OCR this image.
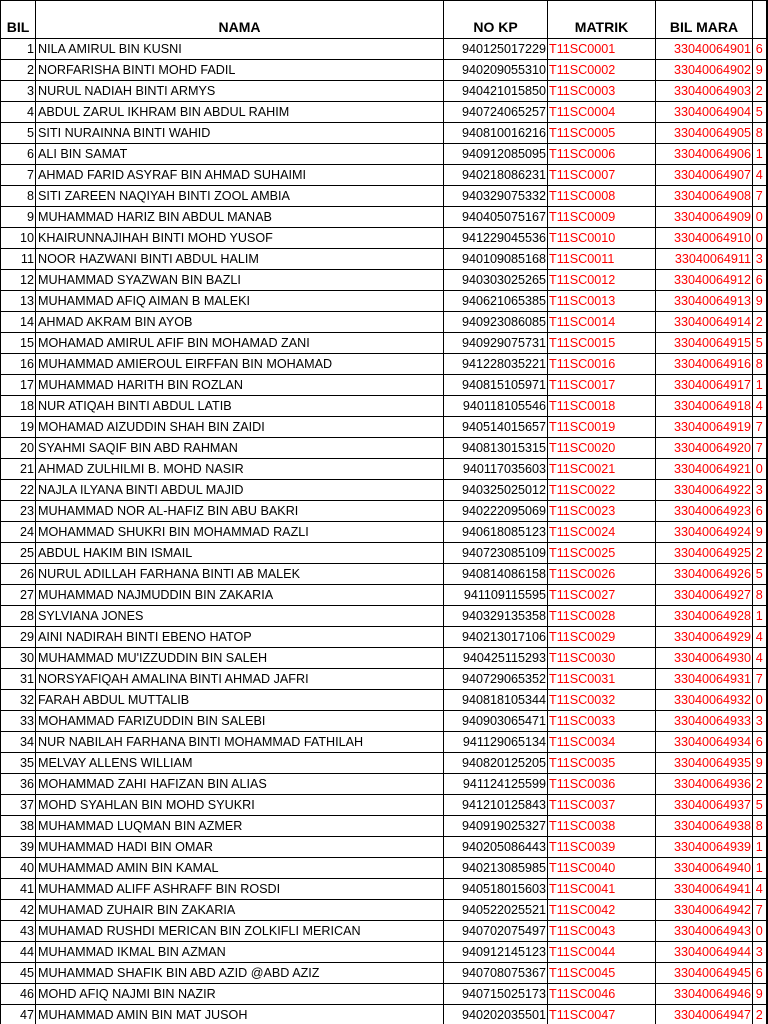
BIL	NAMA	NO KP	MATRIK	BIL MARA	
1	NILA AMIRUL BIN KUSNI	940125017229	T11SC0001	33040064901	6
2	NORFARISHA BINTI MOHD FADIL	940209055310	T11SC0002	33040064902	9
3	NURUL NADIAH BINTI ARMYS	940421015850	T11SC0003	33040064903	2
4	ABDUL ZARUL IKHRAM BIN ABDUL RAHIM	940724065257	T11SC0004	33040064904	5
5	SITI NURAINNA BINTI WAHID	940810016216	T11SC0005	33040064905	8
6	ALI BIN SAMAT	940912085095	T11SC0006	33040064906	1
7	AHMAD FARID ASYRAF BIN AHMAD SUHAIMI	940218086231	T11SC0007	33040064907	4
8	SITI ZAREEN NAQIYAH BINTI ZOOL AMBIA	940329075332	T11SC0008	33040064908	7
9	MUHAMMAD HARIZ BIN ABDUL MANAB	940405075167	T11SC0009	33040064909	0
10	KHAIRUNNAJIHAH BINTI MOHD YUSOF	941229045536	T11SC0010	33040064910	0
11	NOOR HAZWANI BINTI ABDUL HALIM	940109085168	T11SC0011	33040064911	3
12	MUHAMMAD SYAZWAN BIN BAZLI	940303025265	T11SC0012	33040064912	6
13	MUHAMMAD AFIQ AIMAN B MALEKI	940621065385	T11SC0013	33040064913	9
14	AHMAD AKRAM BIN AYOB	940923086085	T11SC0014	33040064914	2
15	MOHAMAD AMIRUL AFIF BIN MOHAMAD ZANI	940929075731	T11SC0015	33040064915	5
16	MUHAMMAD AMIEROUL EIRFFAN BIN MOHAMAD	941228035221	T11SC0016	33040064916	8
17	MUHAMMAD HARITH BIN ROZLAN	940815105971	T11SC0017	33040064917	1
18	NUR ATIQAH BINTI ABDUL LATIB	940118105546	T11SC0018	33040064918	4
19	MOHAMAD AIZUDDIN SHAH BIN ZAIDI	940514015657	T11SC0019	33040064919	7
20	SYAHMI SAQIF BIN ABD RAHMAN	940813015315	T11SC0020	33040064920	7
21	AHMAD ZULHILMI B. MOHD NASIR	940117035603	T11SC0021	33040064921	0
22	NAJLA ILYANA BINTI ABDUL MAJID	940325025012	T11SC0022	33040064922	3
23	MUHAMMAD NOR AL-HAFIZ BIN ABU BAKRI	940222095069	T11SC0023	33040064923	6
24	MOHAMMAD SHUKRI BIN MOHAMMAD RAZLI	940618085123	T11SC0024	33040064924	9
25	ABDUL HAKIM BIN ISMAIL	940723085109	T11SC0025	33040064925	2
26	NURUL ADILLAH FARHANA BINTI AB MALEK	940814086158	T11SC0026	33040064926	5
27	MUHAMMAD NAJMUDDIN BIN ZAKARIA	941109115595	T11SC0027	33040064927	8
28	SYLVIANA JONES	940329135358	T11SC0028	33040064928	1
29	AINI NADIRAH BINTI EBENO HATOP	940213017106	T11SC0029	33040064929	4
30	MUHAMMAD MU'IZZUDDIN BIN SALEH	940425115293	T11SC0030	33040064930	4
31	NORSYAFIQAH AMALINA BINTI AHMAD JAFRI	940729065352	T11SC0031	33040064931	7
32	FARAH ABDUL MUTTALIB	940818105344	T11SC0032	33040064932	0
33	MOHAMMAD FARIZUDDIN BIN SALEBI	940903065471	T11SC0033	33040064933	3
34	NUR NABILAH FARHANA BINTI MOHAMMAD FATHILAH	941129065134	T11SC0034	33040064934	6
35	MELVAY ALLENS WILLIAM	940820125205	T11SC0035	33040064935	9
36	MOHAMMAD ZAHI HAFIZAN BIN ALIAS	941124125599	T11SC0036	33040064936	2
37	MOHD SYAHLAN BIN MOHD SYUKRI	941210125843	T11SC0037	33040064937	5
38	MUHAMMAD LUQMAN BIN AZMER	940919025327	T11SC0038	33040064938	8
39	MUHAMMAD HADI BIN OMAR	940205086443	T11SC0039	33040064939	1
40	MUHAMMAD AMIN BIN KAMAL	940213085985	T11SC0040	33040064940	1
41	MUHAMMAD ALIFF ASHRAFF BIN ROSDI	940518015603	T11SC0041	33040064941	4
42	MUHAMAD ZUHAIR BIN ZAKARIA	940522025521	T11SC0042	33040064942	7
43	MUHAMAD RUSHDI MERICAN BIN ZOLKIFLI MERICAN	940702075497	T11SC0043	33040064943	0
44	MUHAMMAD IKMAL BIN AZMAN	940912145123	T11SC0044	33040064944	3
45	MUHAMMAD SHAFIK BIN ABD AZID @ABD AZIZ	940708075367	T11SC0045	33040064945	6
46	MOHD AFIQ NAJMI BIN NAZIR	940715025173	T11SC0046	33040064946	9
47	MUHAMMAD AMIN BIN MAT JUSOH	940202035501	T11SC0047	33040064947	2
